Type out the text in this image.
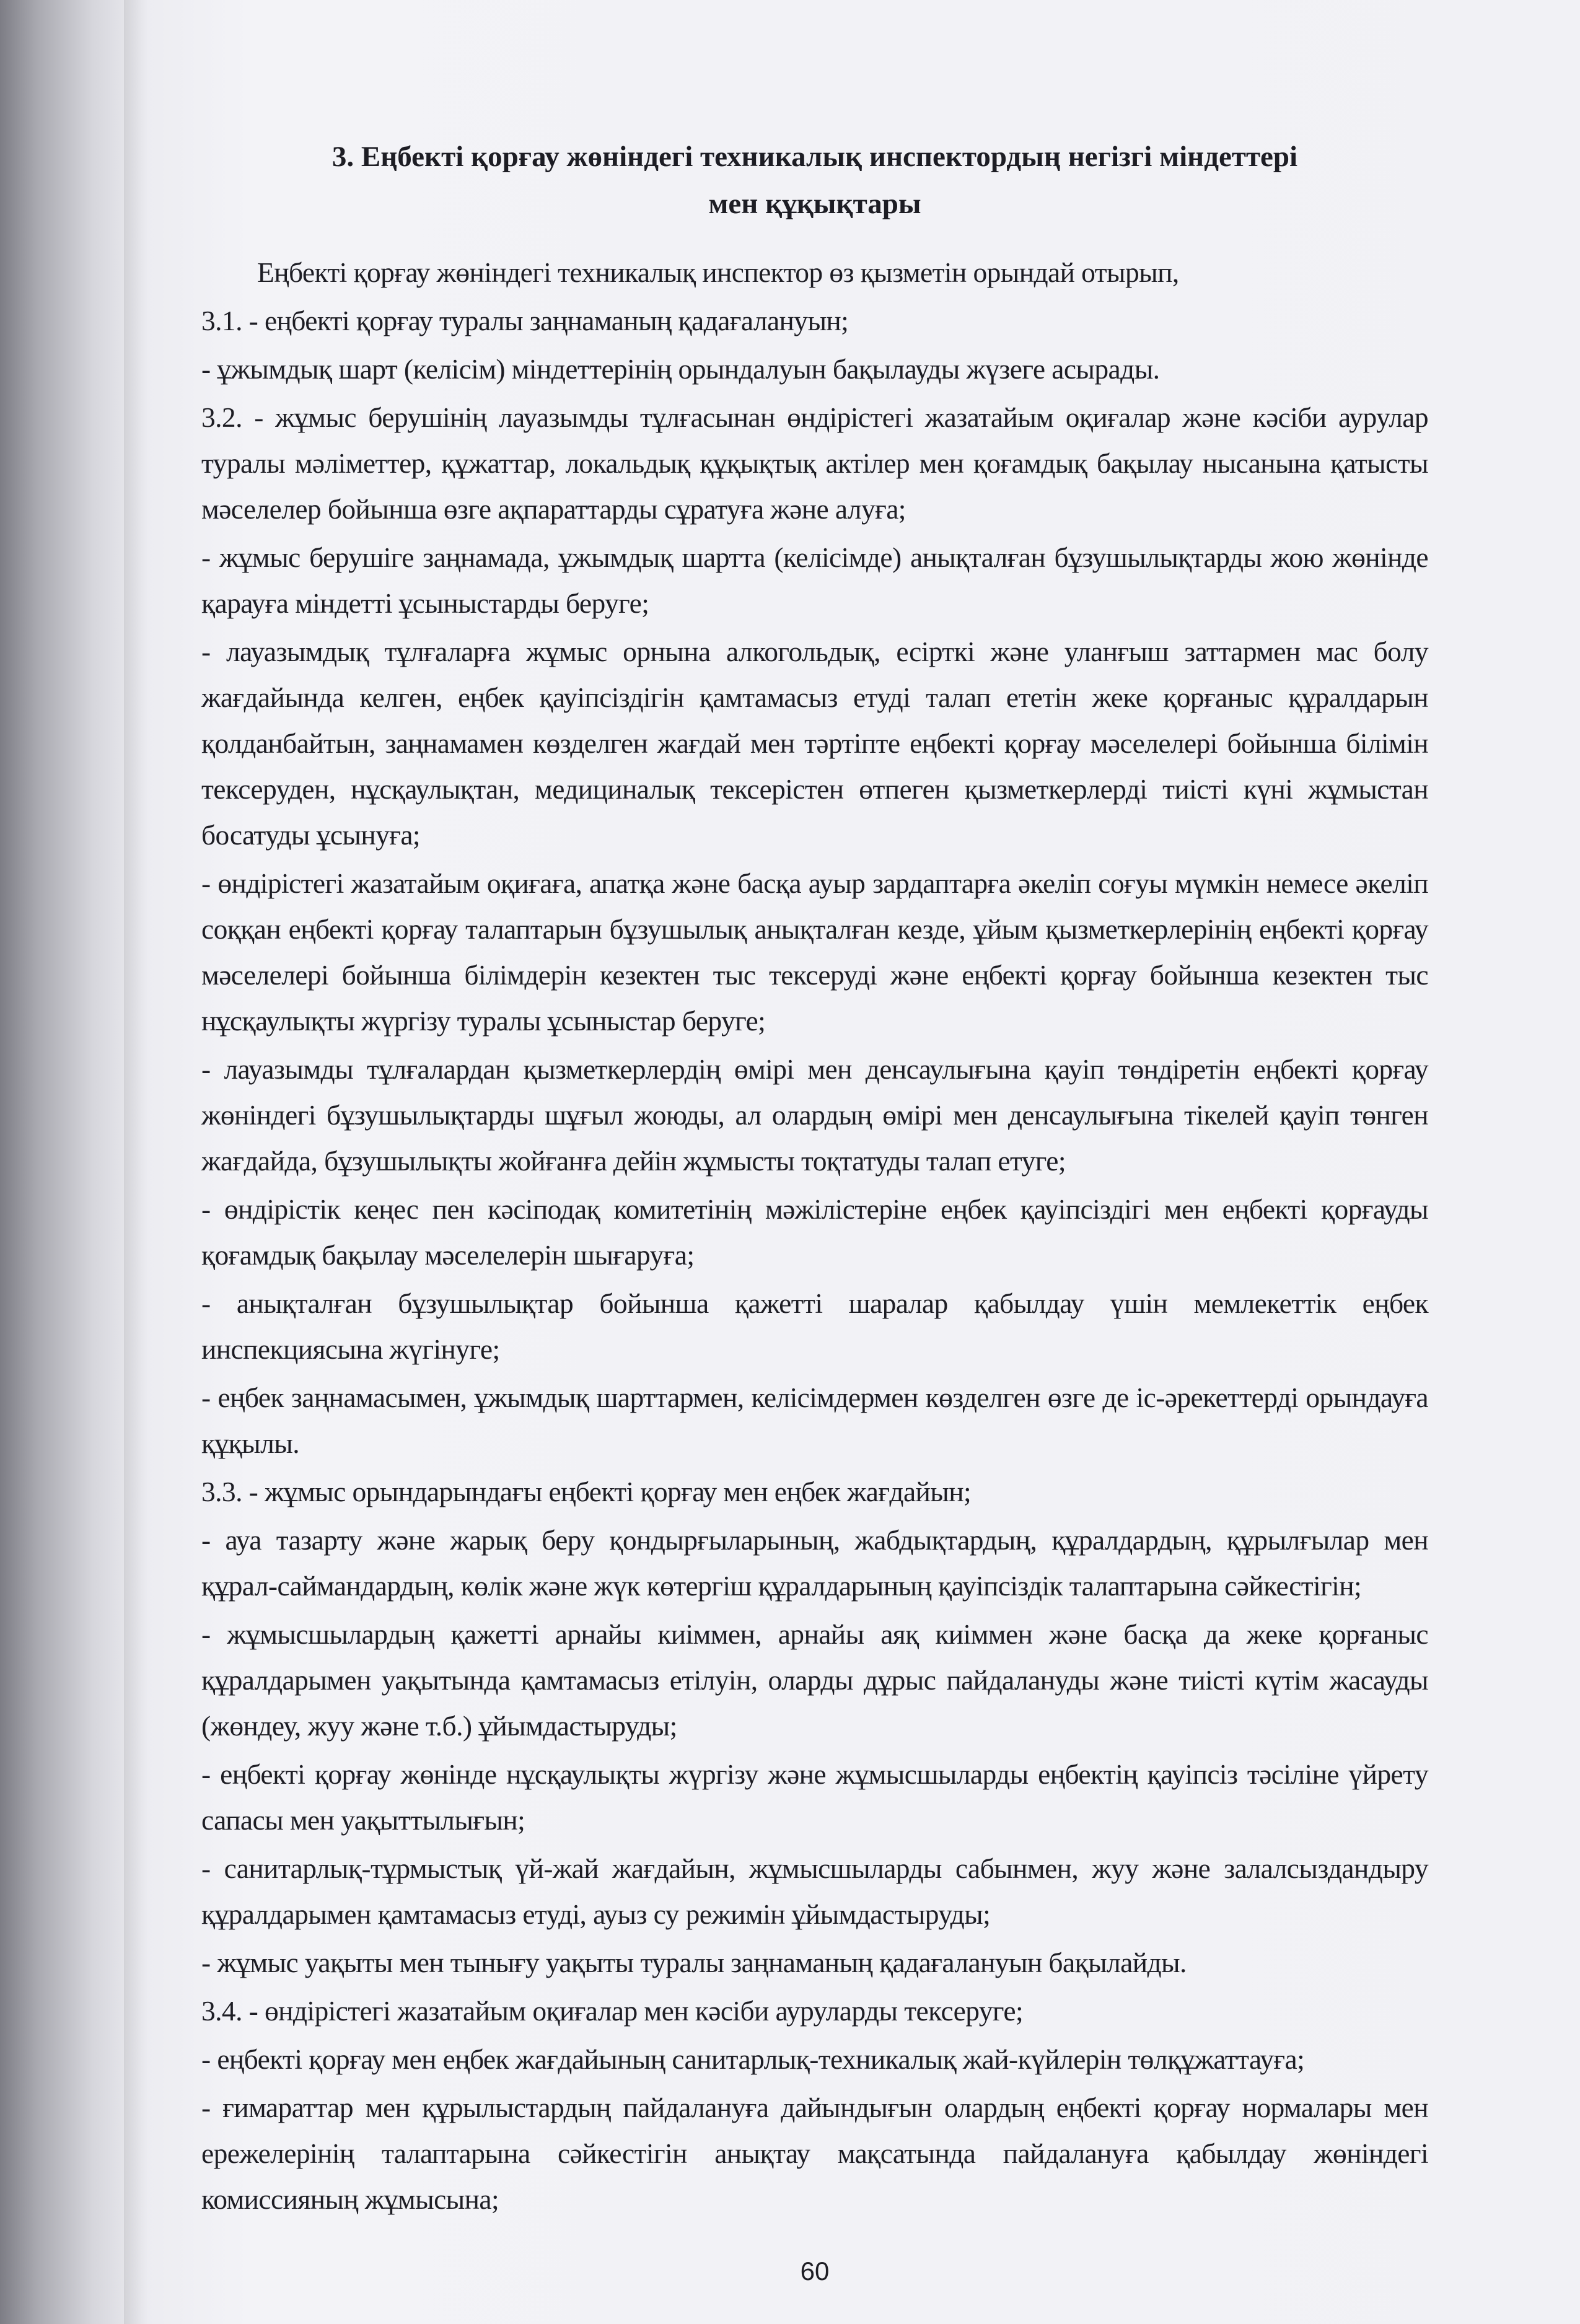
3. Еңбекті қорғау жөніндегі техникалық инспектордың негізгі міндеттері
мен құқықтары

Еңбекті қорғау жөніндегі техникалық инспектор өз қызметін орындай отырып,

3.1. - еңбекті қорғау туралы заңнаманың қадағалануын;

- ұжымдық шарт (келісім) міндеттерінің орындалуын бақылауды жүзеге асырады.

3.2. - жұмыс берушінің лауазымды тұлғасынан өндірістегі жазатайым оқиғалар және кәсіби аурулар туралы мәліметтер, құжаттар, локальдық құқықтық актілер мен қоғамдық бақылау нысанына қатысты мәселелер бойынша өзге ақпараттарды сұратуға және алуға;

- жұмыс берушіге заңнамада, ұжымдық шартта (келісімде) анықталған бұзушылықтарды жою жөнінде қарауға міндетті ұсыныстарды беруге;

- лауазымдық тұлғаларға жұмыс орнына алкогольдық, есірткі және уланғыш заттармен мас болу жағдайында келген, еңбек қауіпсіздігін қамтамасыз етуді талап ететін жеке қорғаныс құралдарын қолданбайтын, заңнамамен көзделген жағдай мен тәртіпте еңбекті қорғау мәселелері бойынша білімін тексеруден, нұсқаулықтан, медициналық тексерістен өтпеген қызметкерлерді тиісті күні жұмыстан босатуды ұсынуға;

- өндірістегі жазатайым оқиғаға, апатқа және басқа ауыр зардаптарға әкеліп соғуы мүмкін немесе әкеліп соққан еңбекті қорғау талаптарын бұзушылық анықталған кезде, ұйым қызметкерлерінің еңбекті қорғау мәселелері бойынша білімдерін кезектен тыс тексеруді және еңбекті қорғау бойынша кезектен тыс нұсқаулықты жүргізу туралы ұсыныстар беруге;

- лауазымды тұлғалардан қызметкерлердің өмірі мен денсаулығына қауіп төндіретін еңбекті қорғау жөніндегі бұзушылықтарды шұғыл жоюды, ал олардың өмірі мен денсаулығына тікелей қауіп төнген жағдайда, бұзушылықты жойғанға дейін жұмысты тоқтатуды талап етуге;

- өндірістік кеңес пен кәсіподақ комитетінің мәжілістеріне еңбек қауіпсіздігі мен еңбекті қорғауды қоғамдық бақылау мәселелерін шығаруға;

- анықталған бұзушылықтар бойынша қажетті шаралар қабылдау үшін мемлекеттік еңбек инспекциясына жүгінуге;

- еңбек заңнамасымен, ұжымдық шарттармен, келісімдермен көзделген өзге де іс-әрекеттерді орындауға құқылы.

3.3. - жұмыс орындарындағы еңбекті қорғау мен еңбек жағдайын;

- ауа тазарту және жарық беру қондырғыларының, жабдықтардың, құралдардың, құрылғылар мен құрал-саймандардың, көлік және жүк көтергіш құралдарының қауіпсіздік талаптарына сәйкестігін;

- жұмысшылардың қажетті арнайы киіммен, арнайы аяқ киіммен және басқа да жеке қорғаныс құралдарымен уақытында қамтамасыз етілуін, оларды дұрыс пайдалануды және тиісті күтім жасауды (жөндеу, жуу және т.б.) ұйымдастыруды;

- еңбекті қорғау жөнінде нұсқаулықты жүргізу және жұмысшыларды еңбектің қауіпсіз тәсіліне үйрету сапасы мен уақыттылығын;

- санитарлық-тұрмыстық үй-жай жағдайын, жұмысшыларды сабынмен, жуу және залалсыздандыру құралдарымен қамтамасыз етуді, ауыз су режимін ұйымдастыруды;

- жұмыс уақыты мен тынығу уақыты туралы заңнаманың қадағалануын бақылайды.

3.4. - өндірістегі жазатайым оқиғалар мен кәсіби ауруларды тексеруге;

- еңбекті қорғау мен еңбек жағдайының санитарлық-техникалық жай-күйлерін төлқұжаттауға;

- ғимараттар мен құрылыстардың пайдалануға дайындығын олардың еңбекті қорғау нормалары мен ережелерінің талаптарына сәйкестігін анықтау мақсатында пайдалануға қабылдау жөніндегі комиссияның жұмысына;

60
